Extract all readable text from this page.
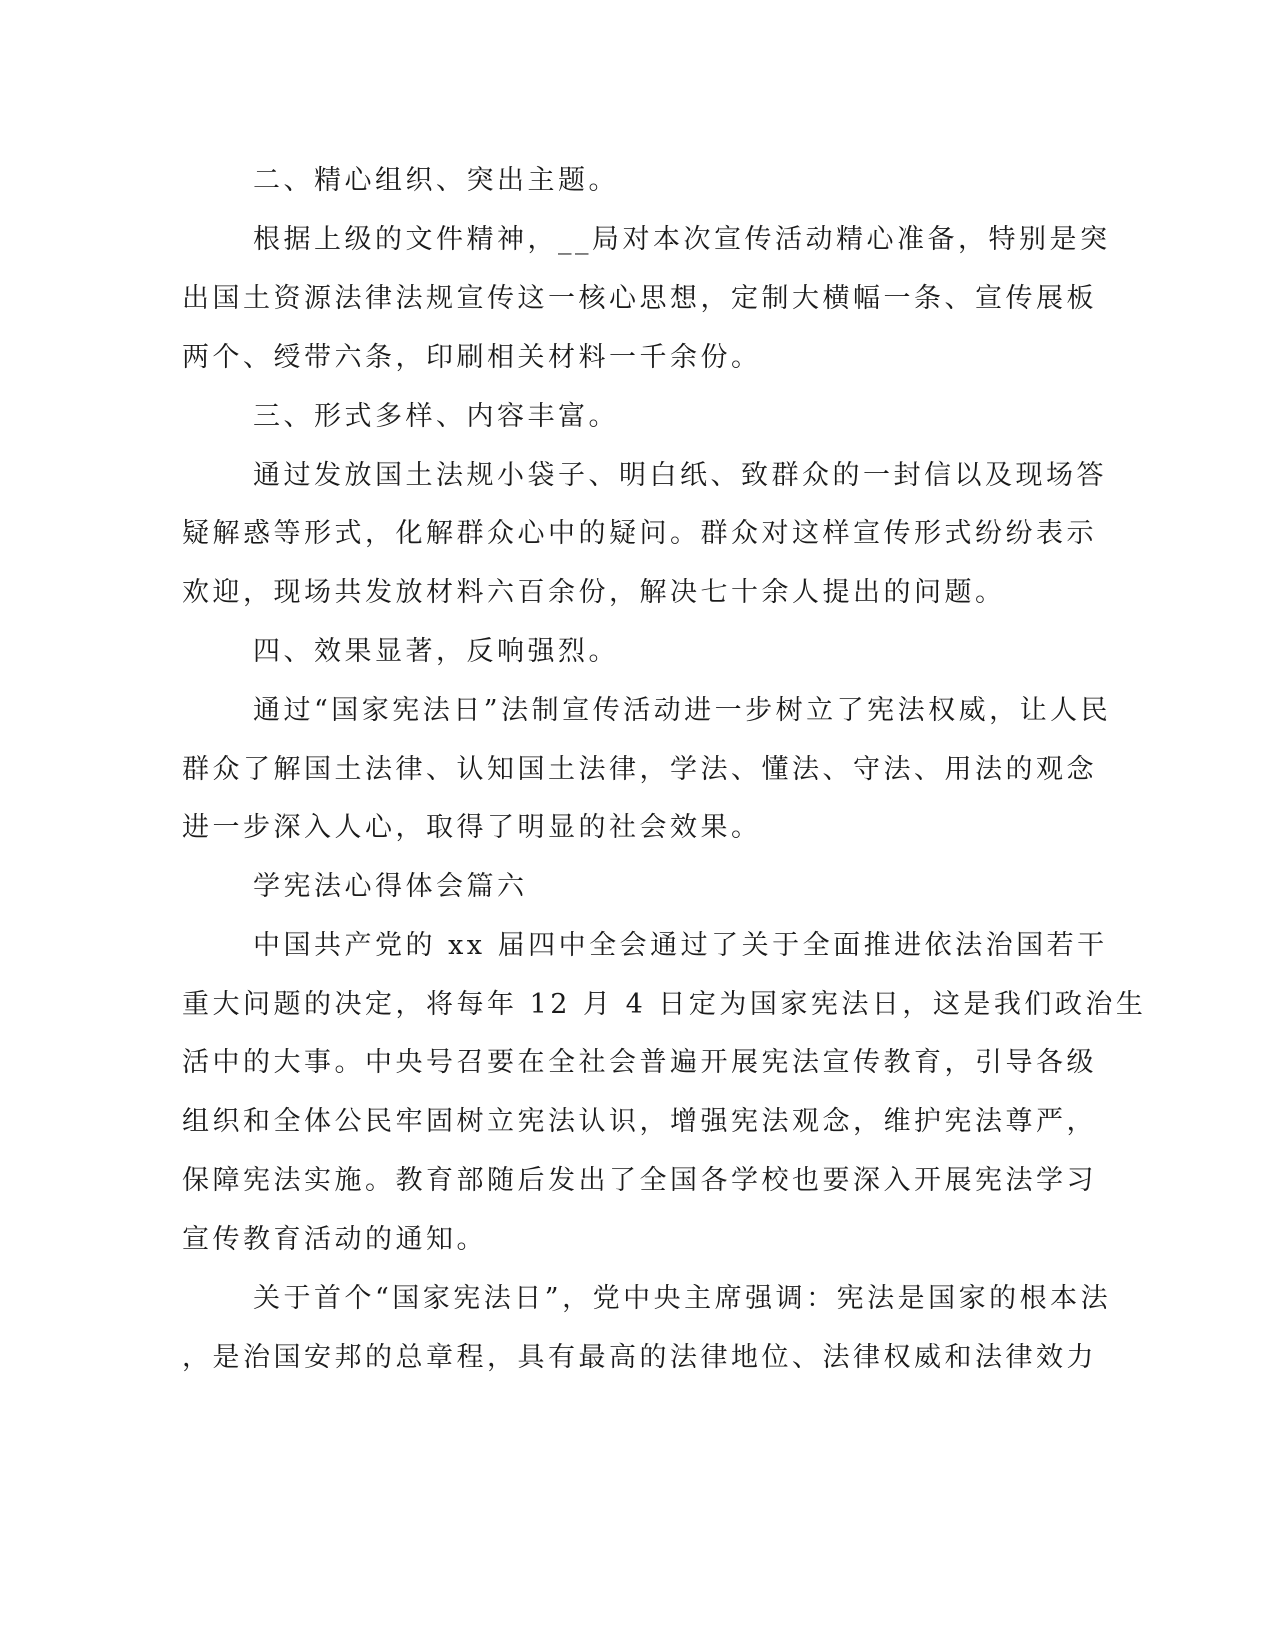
二、精心组织、突出主题。
根据上级的文件精神，__局对本次宣传活动精心准备，特别是突
出国土资源法律法规宣传这一核心思想，定制大横幅一条、宣传展板
两个、绶带六条，印刷相关材料一千余份。
三、形式多样、内容丰富。
通过发放国土法规小袋子、明白纸、致群众的一封信以及现场答
疑解惑等形式，化解群众心中的疑问。群众对这样宣传形式纷纷表示
欢迎，现场共发放材料六百余份，解决七十余人提出的问题。
四、效果显著，反响强烈。
通过“国家宪法日”法制宣传活动进一步树立了宪法权威，让人民
群众了解国土法律、认知国土法律，学法、懂法、守法、用法的观念
进一步深入人心，取得了明显的社会效果。
学宪法心得体会篇六
中国共产党的 xx 届四中全会通过了关于全面推进依法治国若干
重大问题的决定，将每年 12 月 4 日定为国家宪法日，这是我们政治生
活中的大事。中央号召要在全社会普遍开展宪法宣传教育，引导各级
组织和全体公民牢固树立宪法认识，增强宪法观念，维护宪法尊严，
保障宪法实施。教育部随后发出了全国各学校也要深入开展宪法学习
宣传教育活动的通知。
关于首个“国家宪法日”，党中央主席强调：宪法是国家的根本法
，是治国安邦的总章程，具有最高的法律地位、法律权威和法律效力
